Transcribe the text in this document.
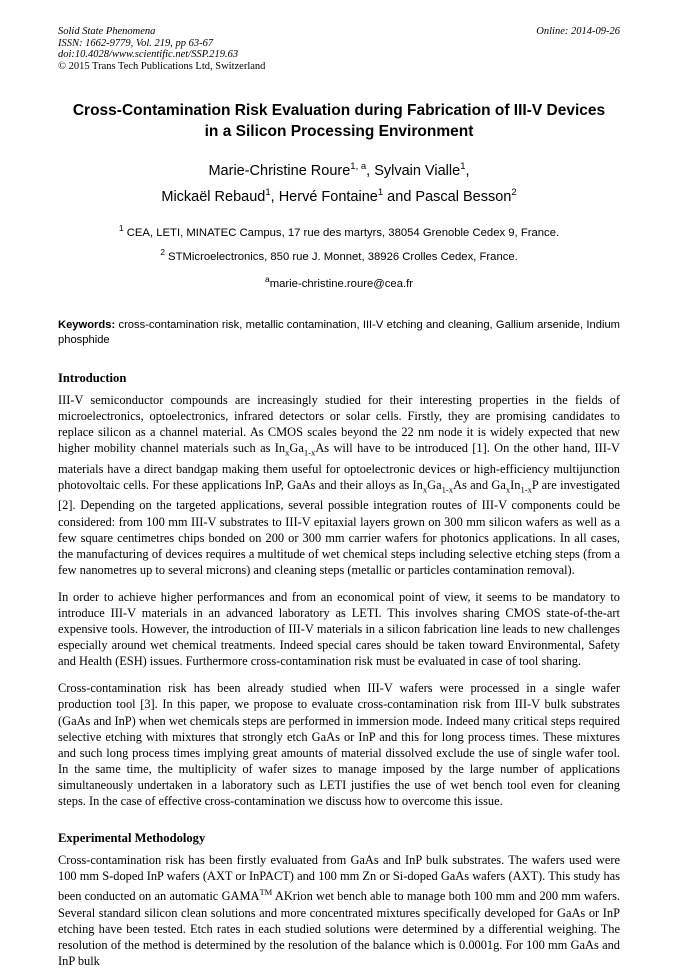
Solid State Phenomena
ISSN: 1662-9779, Vol. 219, pp 63-67
doi:10.4028/www.scientific.net/SSP.219.63
© 2015 Trans Tech Publications Ltd, Switzerland
Online: 2014-09-26
Cross-Contamination Risk Evaluation during Fabrication of III-V Devices
in a Silicon Processing Environment
Marie-Christine Roure$^{1, a}$, Sylvain Vialle$^1$,
Mickaël Rebaud$^1$, Hervé Fontaine$^1$ and Pascal Besson$^2$
$^1$ CEA, LETI, MINATEC Campus, 17 rue des martyrs, 38054 Grenoble Cedex 9, France.
$^2$ STMicroelectronics, 850 rue J. Monnet, 38926 Crolles Cedex, France.
$^a$marie-christine.roure@cea.fr
Keywords: cross-contamination risk, metallic contamination, III-V etching and cleaning, Gallium arsenide, Indium phosphide
Introduction

III-V semiconductor compounds are increasingly studied for their interesting properties in the fields of microelectronics, optoelectronics, infrared detectors or solar cells. Firstly, they are promising candidates to replace silicon as a channel material. As CMOS scales beyond the 22 nm node it is widely expected that new higher mobility channel materials such as $In_xGa_{1-x}As$ will have to be introduced [1]. On the other hand, III-V materials have a direct bandgap making them useful for optoelectronic devices or high-efficiency multijunction photovoltaic cells. For these applications InP, GaAs and their alloys as $In_xGa_{1-x}As$ and $Ga_xIn_{1-x}P$ are investigated [2]. Depending on the targeted applications, several possible integration routes of III-V components could be considered: from 100 mm III-V substrates to III-V epitaxial layers grown on 300 mm silicon wafers as well as a few square centimetres chips bonded on 200 or 300 mm carrier wafers for photonics applications. In all cases, the manufacturing of devices requires a multitude of wet chemical steps including selective etching steps (from a few nanometres up to several microns) and cleaning steps (metallic or particles contamination removal).

In order to achieve higher performances and from an economical point of view, it seems to be mandatory to introduce III-V materials in an advanced laboratory as LETI. This involves sharing CMOS state-of-the-art expensive tools. However, the introduction of III-V materials in a silicon fabrication line leads to new challenges especially around wet chemical treatments. Indeed special cares should be taken toward Environmental, Safety and Health (ESH) issues. Furthermore cross-contamination risk must be evaluated in case of tool sharing.

Cross-contamination risk has been already studied when III-V wafers were processed in a single wafer production tool [3]. In this paper, we propose to evaluate cross-contamination risk from III-V bulk substrates (GaAs and InP) when wet chemicals steps are performed in immersion mode. Indeed many critical steps required selective etching with mixtures that strongly etch GaAs or InP and this for long process times. These mixtures and such long process times implying great amounts of material dissolved exclude the use of single wafer tool. In the same time, the multiplicity of wafer sizes to manage imposed by the large number of applications simultaneously undertaken in a laboratory such as LETI justifies the use of wet bench tool even for cleaning steps. In the case of effective cross-contamination we discuss how to overcome this issue.

Experimental Methodology

Cross-contamination risk has been firstly evaluated from GaAs and InP bulk substrates. The wafers used were 100 mm S-doped InP wafers (AXT or InPACT) and 100 mm Zn or Si-doped GaAs wafers (AXT). This study has been conducted on an automatic GAMA™ AKrion wet bench able to manage both 100 mm and 200 mm wafers. Several standard silicon clean solutions and more concentrated mixtures specifically developed for GaAs or InP etching have been tested. Etch rates in each studied solutions were determined by a differential weighing. The resolution of the method is determined by the resolution of the balance which is 0.0001g. For 100 mm GaAs and InP bulk
